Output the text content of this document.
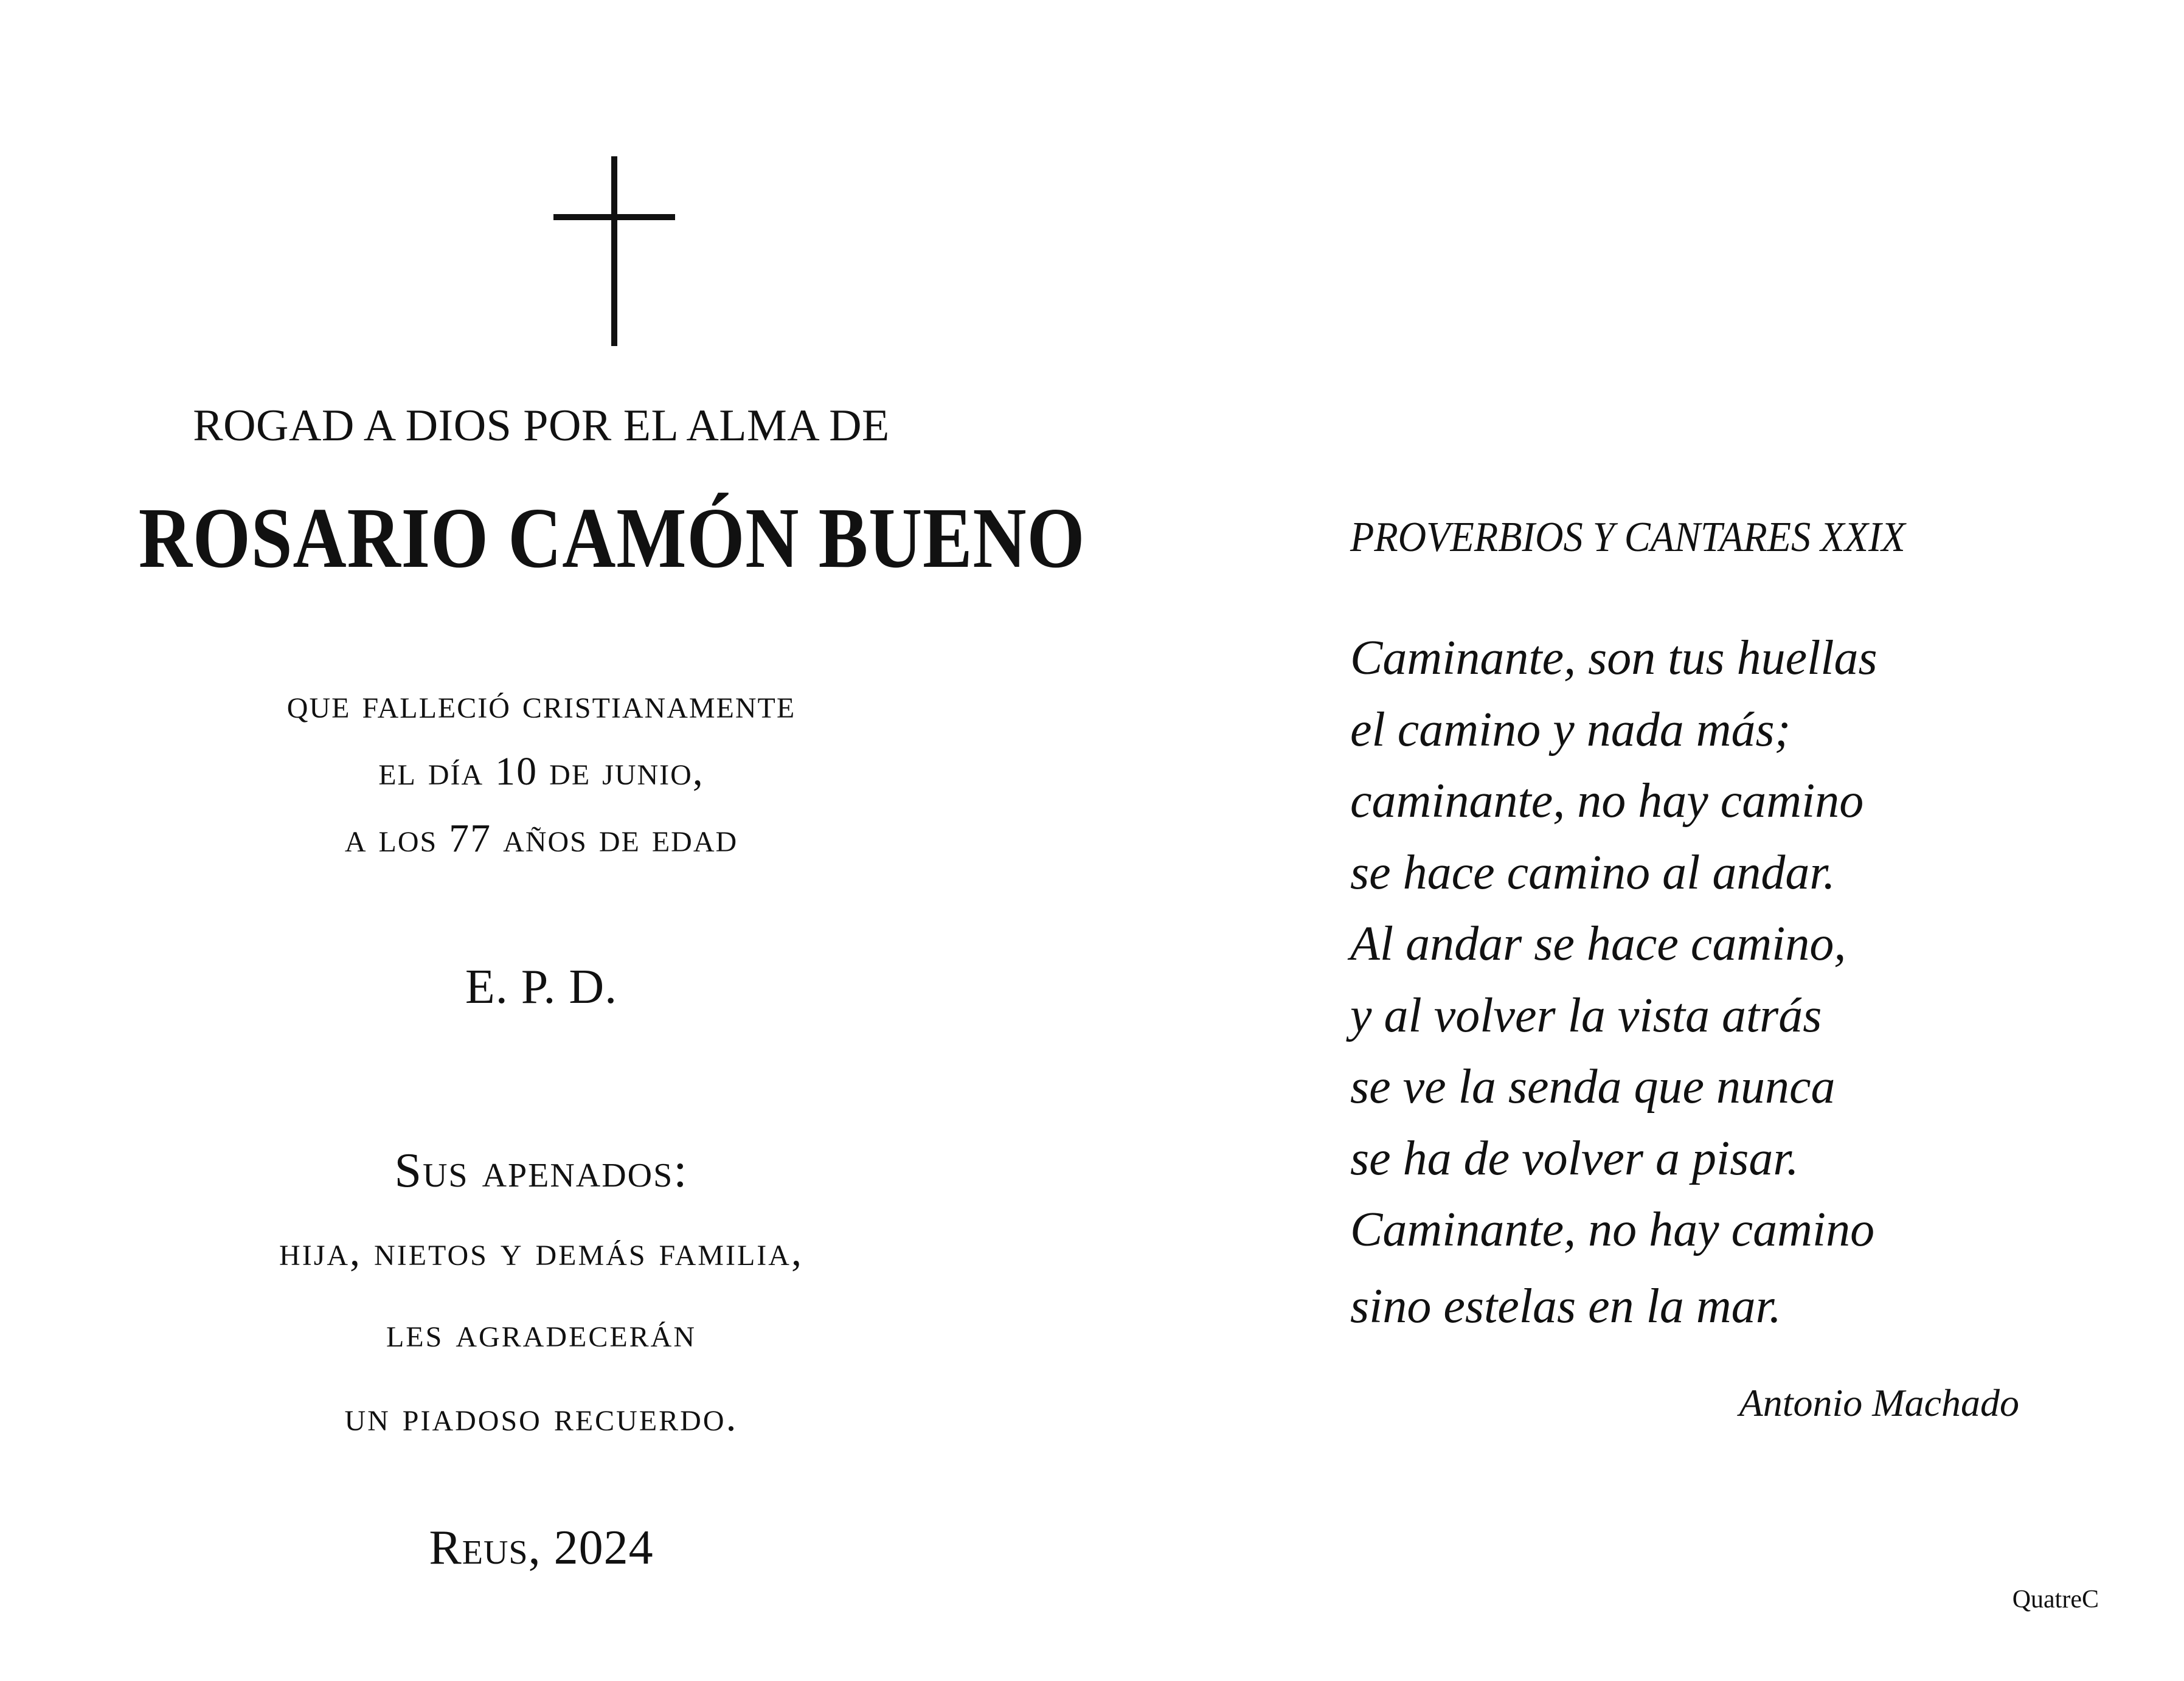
ROGAD A DIOS POR EL ALMA DE
ROSARIO CAMÓN BUENO
que falleció cristianamente
el día 10 de junio,
a los 77 años de edad
E. P. D.
Sus apenados:
hija, nietos y demás familia,
les agradecerán
un piadoso recuerdo.
Reus, 2024
PROVERBIOS Y CANTARES XXIX
Caminante, son tus huellas
el camino y nada más;
caminante, no hay camino
se hace camino al andar.
Al andar se hace camino,
y al volver la vista atrás
se ve la senda que nunca
se ha de volver a pisar.
Caminante, no hay camino
sino estelas en la mar.
Antonio Machado
QuatreC
